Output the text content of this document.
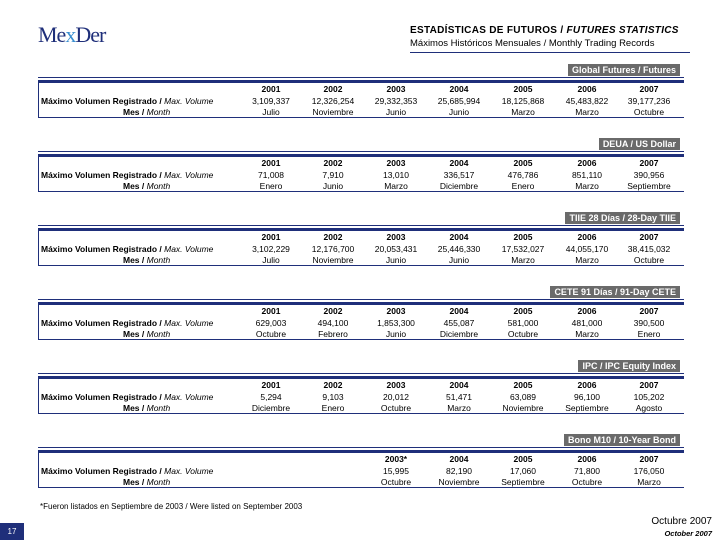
MexDer	ESTADÍSTICAS DE FUTUROS / FUTURES STATISTICS
Máximos Históricos Mensuales / Monthly Trading Records
Global Futures / Futures
Máximo Volumen Registrado / Max. Volume
Mes / Month
2001
3,109,337
Julio
2002
12,326,254
Noviembre
2003
29,332,353
Junio
2004
25,685,994
Junio
2005
18,125,868
Marzo
2006
45,483,822
Marzo
2007
39,177,236
Octubre
DEUA / US Dollar
Máximo Volumen Registrado / Max. Volume
Mes / Month
2001
71,008
Enero
2002
7,910
Junio
2003
13,010
Marzo
2004
336,517
Diciembre
2005
476,786
Enero
2006
851,110
Marzo
2007
390,956
Septiembre
TIIE 28 Días / 28-Day TIIE
Máximo Volumen Registrado / Max. Volume
Mes / Month
2001
3,102,229
Julio
2002
12,176,700
Noviembre
2003
20,053,431
Junio
2004
25,446,330
Junio
2005
17,532,027
Marzo
2006
44,055,170
Marzo
2007
38,415,032
Octubre
CETE 91 Días / 91-Day CETE
Máximo Volumen Registrado / Max. Volume
Mes / Month
2001
629,003
Octubre
2002
494,100
Febrero
2003
1,853,300
Junio
2004
455,087
Diciembre
2005
581,000
Octubre
2006
481,000
Marzo
2007
390,500
Enero
IPC / IPC Equity Index
Máximo Volumen Registrado / Max. Volume
Mes / Month
2001
5,294
Diciembre
2002
9,103
Enero
2003
20,012
Octubre
2004
51,471
Marzo
2005
63,089
Noviembre
2006
96,100
Septiembre
2007
105,202
Agosto
Bono M10 / 10-Year Bond
Máximo Volumen Registrado / Max. Volume
Mes / Month
2003*
15,995
Octubre
2004
82,190
Noviembre
2005
17,060
Septiembre
2006
71,800
Octubre
2007
176,050
Marzo
*Fueron listados en Septiembre de 2003 / Were listed on September 2003
17
Octubre 2007
October 2007
